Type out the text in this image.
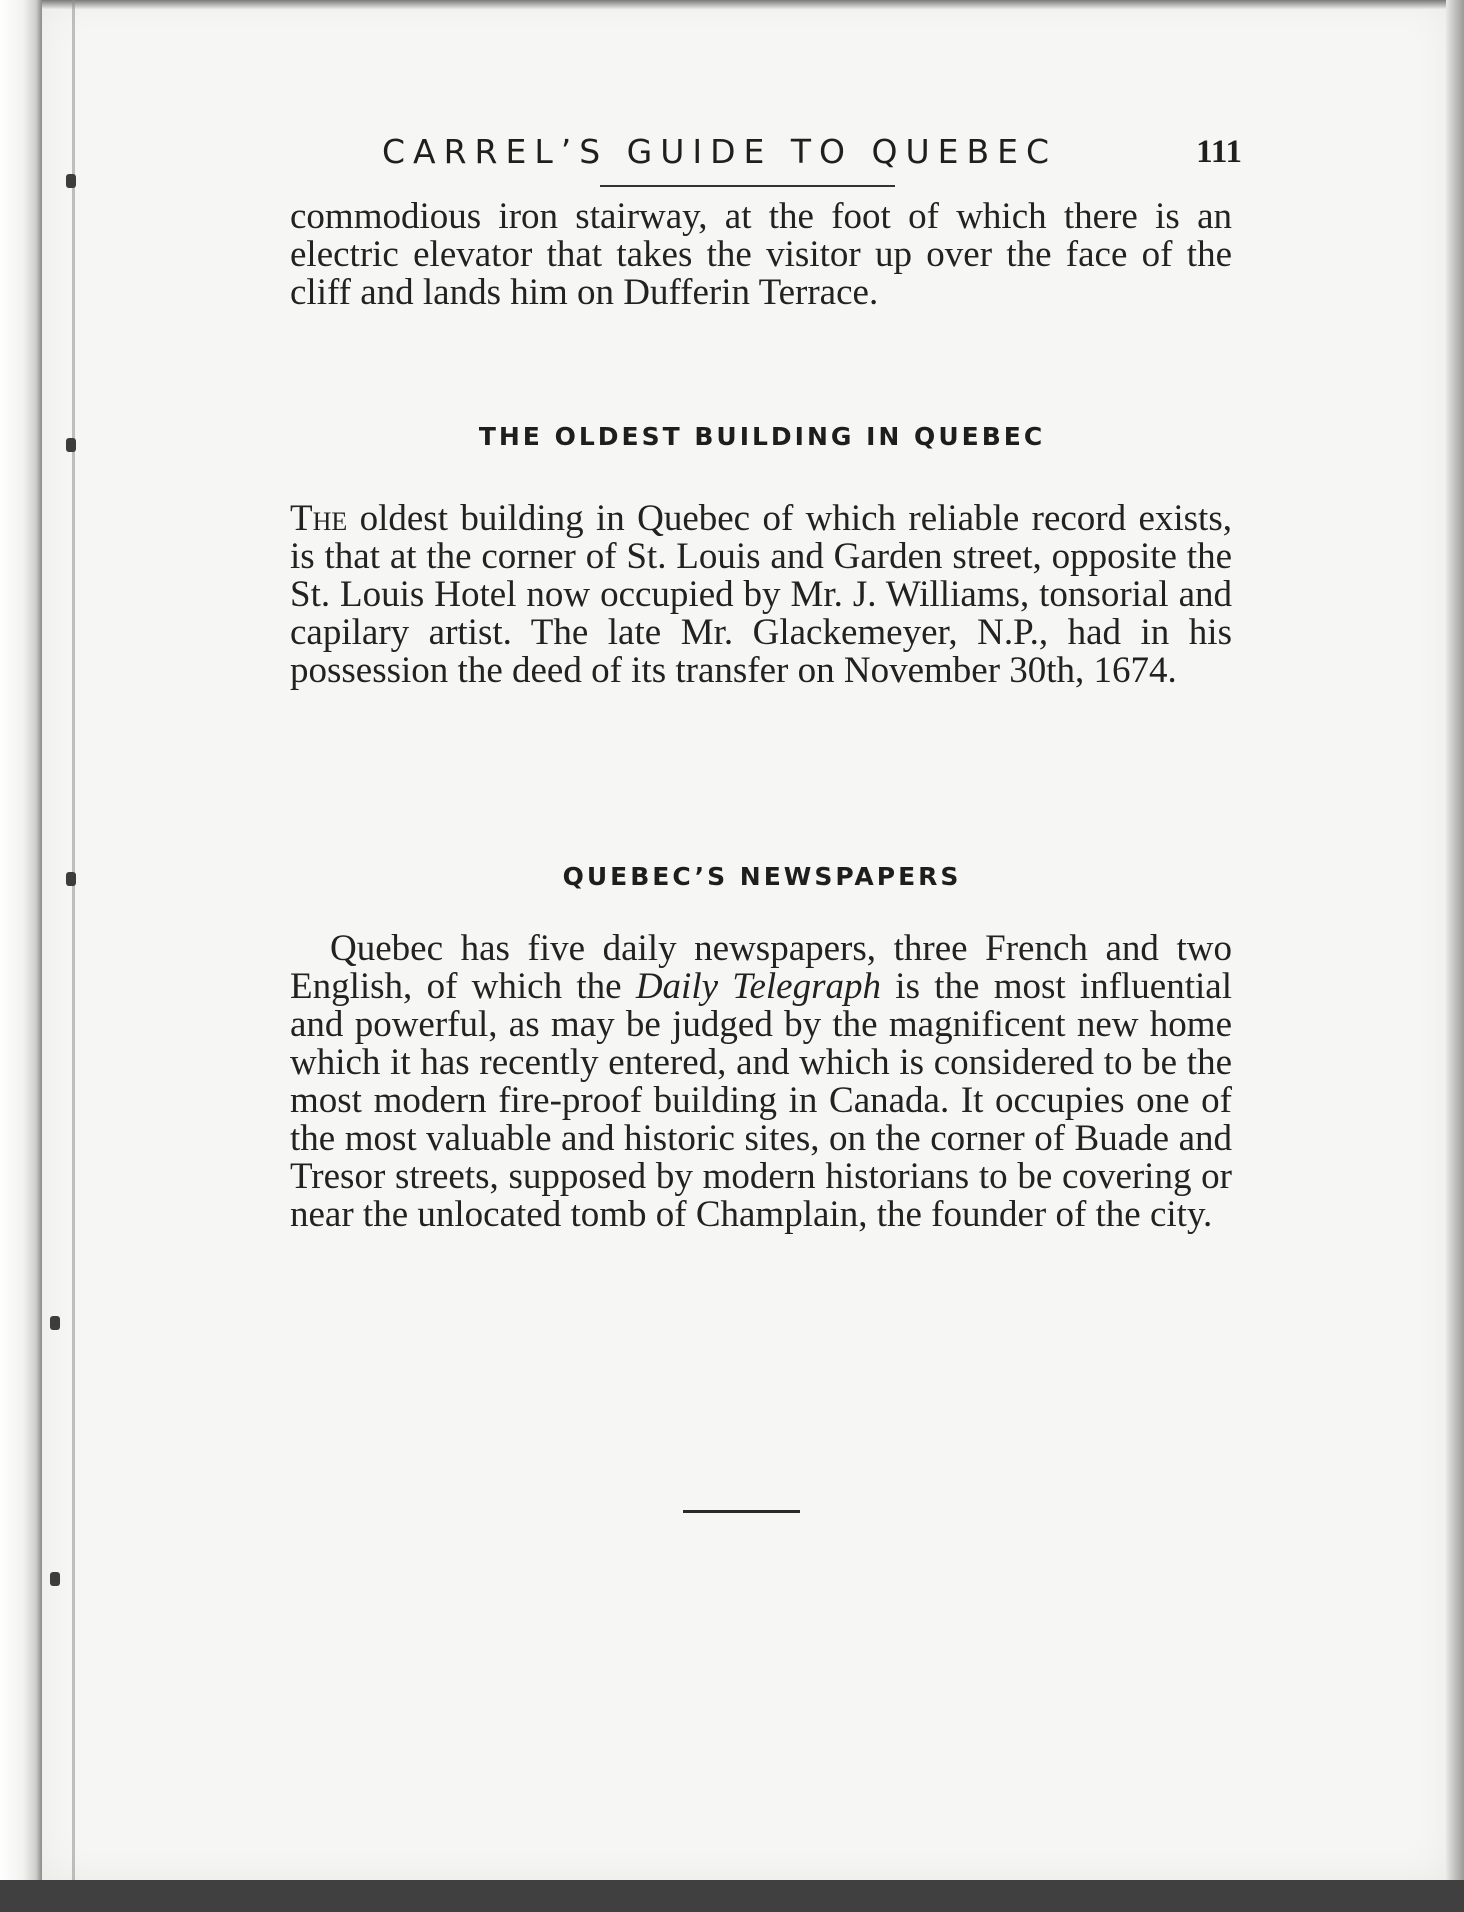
CARREL’S GUIDE TO QUEBEC	111

commodious iron stairway, at the foot of which there is an electric elevator that takes the visitor up over the face of the cliff and lands him on Dufferin Terrace.

THE OLDEST BUILDING IN QUEBEC

The oldest building in Quebec of which reliable record exists, is that at the corner of St. Louis and Garden street, opposite the St. Louis Hotel now occupied by Mr. J. Williams, tonsorial and capilary artist. The late Mr. Glackemeyer, N.P., had in his possession the deed of its transfer on November 30th, 1674.

QUEBEC’S NEWSPAPERS

Quebec has five daily newspapers, three French and two English, of which the Daily Telegraph is the most influential and powerful, as may be judged by the magnificent new home which it has recently entered, and which is considered to be the most modern fire-proof building in Canada. It occupies one of the most valuable and historic sites, on the corner of Buade and Tresor streets, supposed by modern historians to be covering or near the unlocated tomb of Champlain, the founder of the city.
